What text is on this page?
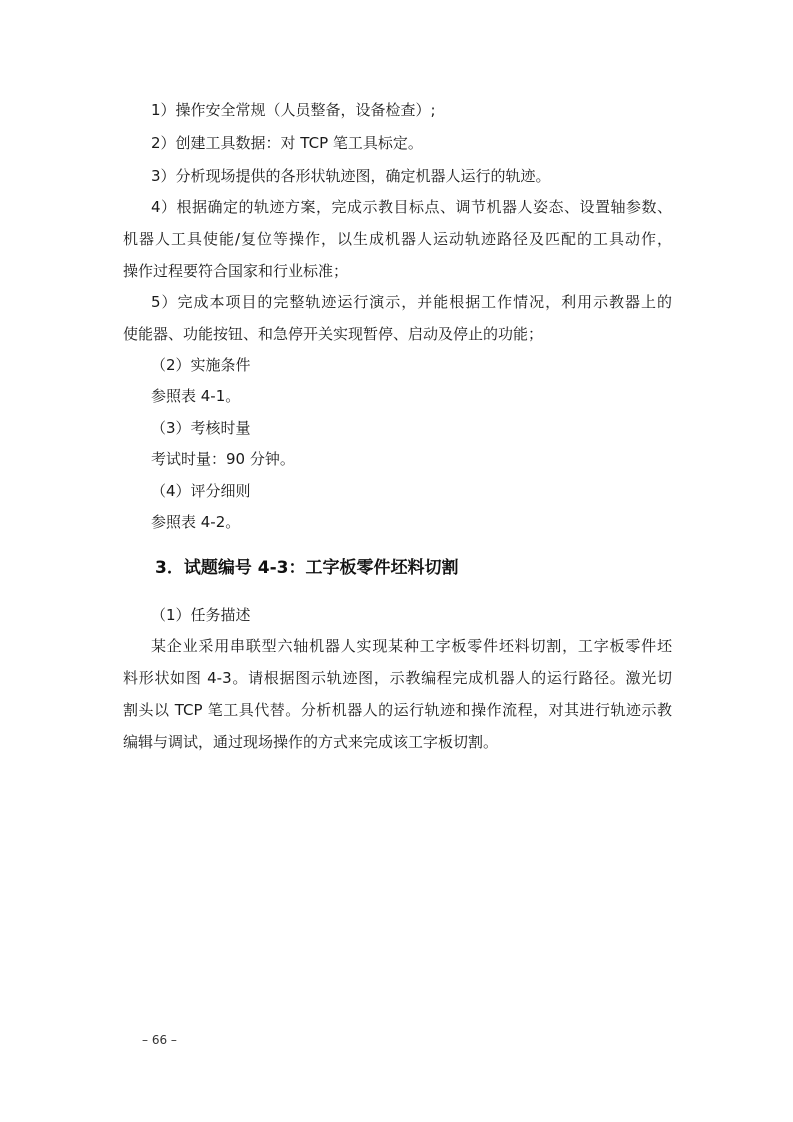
1）操作安全常规（人员整备，设备检查）;
2）创建工具数据：对 TCP 笔工具标定。
3）分析现场提供的各形状轨迹图，确定机器人运行的轨迹。
4）根据确定的轨迹方案，完成示教目标点、调节机器人姿态、设置轴参数、
机器人工具使能/复位等操作，以生成机器人运动轨迹路径及匹配的工具动作，
操作过程要符合国家和行业标准；
5）完成本项目的完整轨迹运行演示，并能根据工作情况，利用示教器上的
使能器、功能按钮、和急停开关实现暂停、启动及停止的功能；
（2）实施条件
参照表 4-1。
（3）考核时量
考试时量：90 分钟。
（4）评分细则
参照表 4-2。
3．试题编号 4-3：工字板零件坯料切割
（1）任务描述
某企业采用串联型六轴机器人实现某种工字板零件坯料切割，工字板零件坯
料形状如图 4-3。请根据图示轨迹图，示教编程完成机器人的运行路径。激光切
割头以 TCP 笔工具代替。分析机器人的运行轨迹和操作流程，对其进行轨迹示教
编辑与调试，通过现场操作的方式来完成该工字板切割。
– 66 –
